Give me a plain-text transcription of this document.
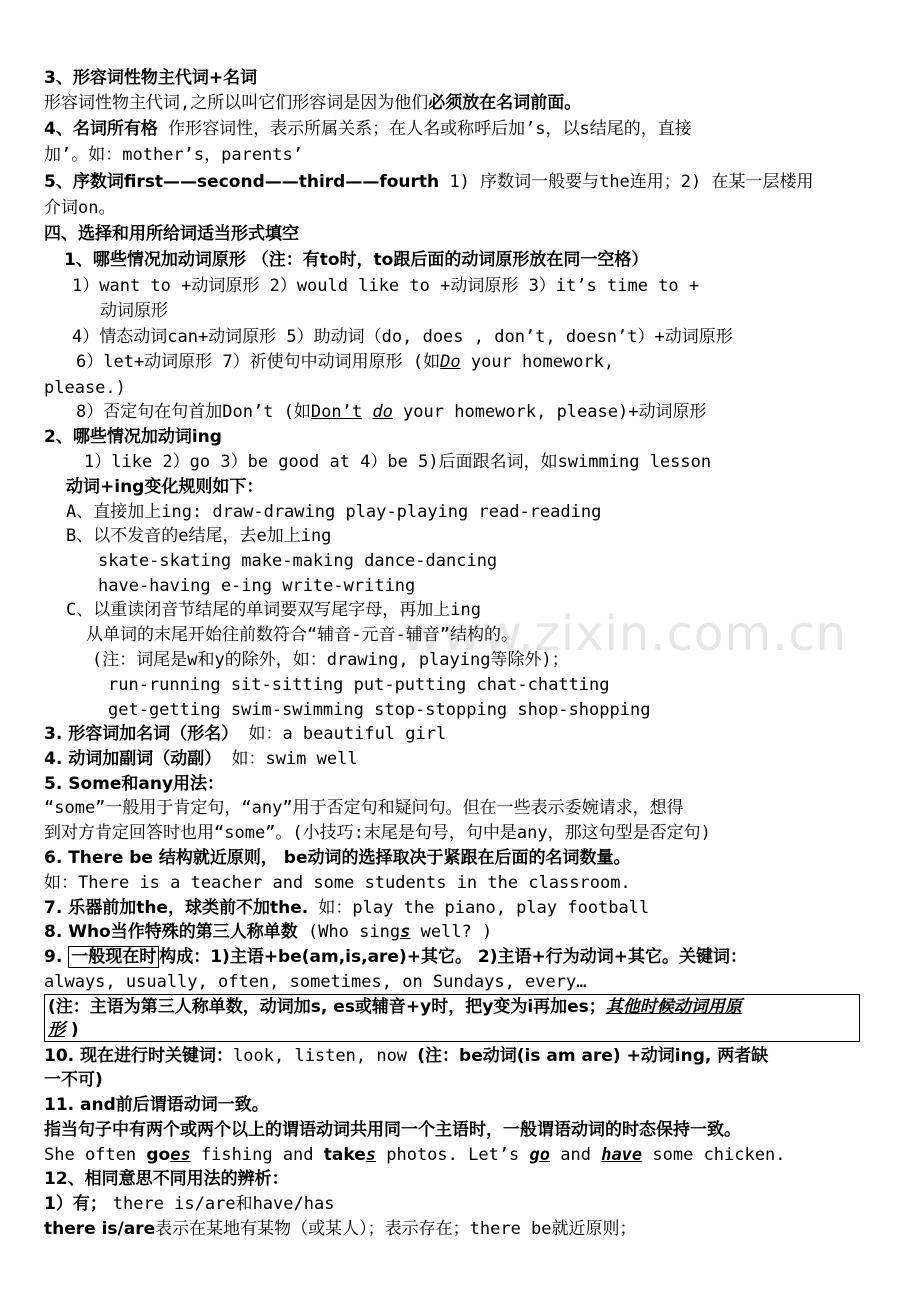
www.zixin.com.cn
3、形容词性物主代词+名词
形容词性物主代词,之所以叫它们形容词是因为他们必须放在名词前面。
4、名词所有格 作形容词性，表示所属关系；在人名或称呼后加’s，以s结尾的，直接
加’。如：mother’s，parents’
5、序数词first——second——third——fourth 1) 序数词一般要与the连用；2) 在某一层楼用
介词on。
四、选择和用所给词适当形式填空
1、哪些情况加动词原形 （注：有to时，to跟后面的动词原形放在同一空格）
1）want to +动词原形 2）would like to +动词原形 3）it’s time to +
动词原形
4）情态动词can+动词原形 5）助动词（do, does , don’t, doesn’t）+动词原形
6）let+动词原形 7）祈使句中动词用原形 (如Do your homework,
please.)
8）否定句在句首加Don’t (如Don’t do your homework, please)+动词原形
2、哪些情况加动词ing
1）like 2）go 3）be good at 4）be 5)后面跟名词，如swimming lesson
动词+ing变化规则如下：
A、直接加上ing: draw-drawing play-playing read-reading
B、以不发音的e结尾，去e加上ing
skate-skating make-making dance-dancing
have-having e-ing write-writing
C、以重读闭音节结尾的单词要双写尾字母，再加上ing
从单词的末尾开始往前数符合“辅音-元音-辅音”结构的。
(注：词尾是w和y的除外，如：drawing, playing等除外)；
run-running sit-sitting put-putting chat-chatting
get-getting swim-swimming stop-stopping shop-shopping
3. 形容词加名词（形名） 如：a beautiful girl
4. 动词加副词（动副） 如：swim well
5. Some和any用法：
“some”一般用于肯定句，“any”用于否定句和疑问句。但在一些表示委婉请求，想得
到对方肯定回答时也用“some”。(小技巧:末尾是句号，句中是any，那这句型是否定句)
6. There be 结构就近原则， be动词的选择取决于紧跟在后面的名词数量。
如：There is a teacher and some students in the classroom.
7. 乐器前加the，球类前不加the. 如：play the piano, play football
8. Who当作特殊的第三人称单数 (Who sings well? )
9. 一般现在时 构成：1)主语+be(am,is,are)+其它。 2)主语+行为动词+其它。关键词：
always, usually, often, sometimes, on Sundays, every…
(注：主语为第三人称单数，动词加s, es或辅音+y时，把y变为i再加es；其他时候动词用原
形 )
10. 现在进行时关键词：look, listen, now (注：be动词(is am are) +动词ing, 两者缺
一不可)
11. and前后谓语动词一致。
指当句子中有两个或两个以上的谓语动词共用同一个主语时，一般谓语动词的时态保持一致。
She often goes fishing and takes photos. Let’s go and have some chicken.
12、相同意思不同用法的辨析：
1）有； there is/are和have/has
there is/are表示在某地有某物（或某人）；表示存在；there be就近原则；
